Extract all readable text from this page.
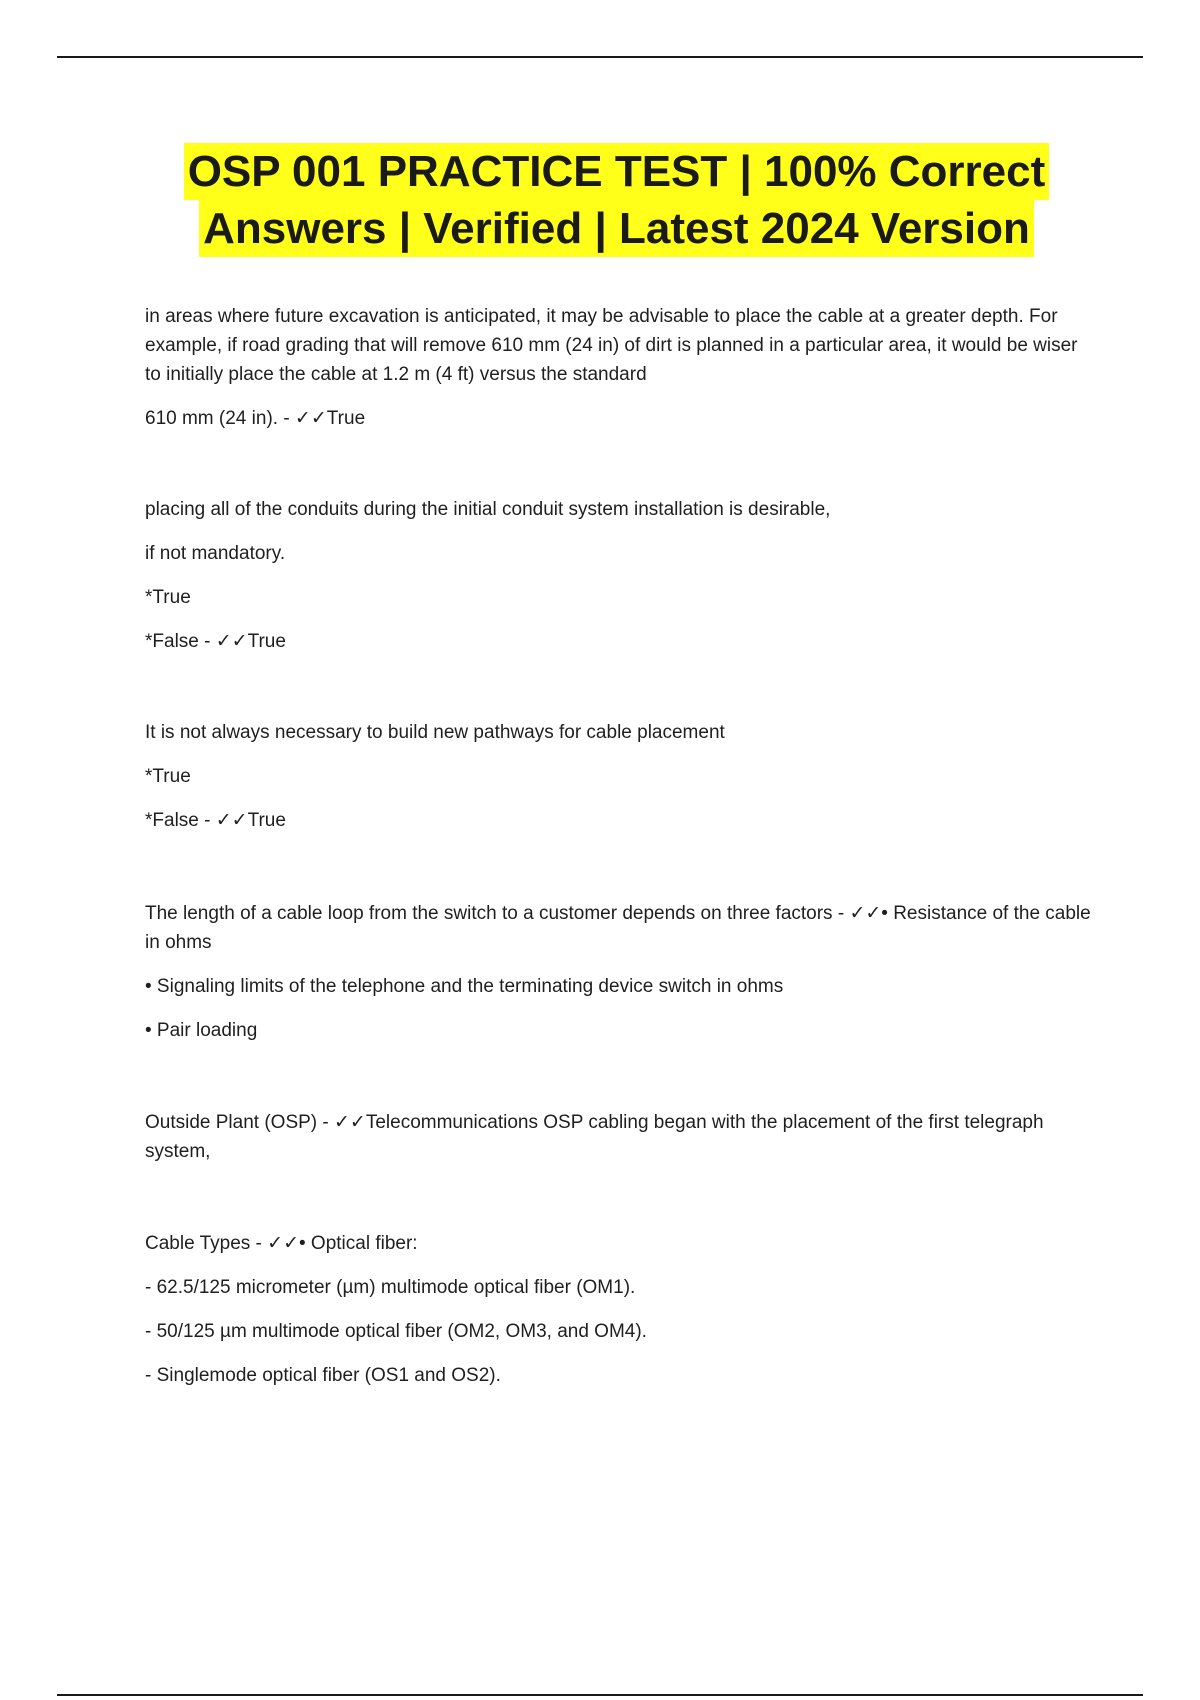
OSP 001 PRACTICE TEST | 100% Correct
Answers | Verified | Latest 2024 Version

in areas where future excavation is anticipated, it may be advisable to place the cable at a greater depth. For example, if road grading that will remove 610 mm (24 in) of dirt is planned in a particular area, it would be wiser to initially place the cable at 1.2 m (4 ft) versus the standard

610 mm (24 in). - ✓✓True

placing all of the conduits during the initial conduit system installation is desirable,

if not mandatory.

*True

*False - ✓✓True

It is not always necessary to build new pathways for cable placement

*True

*False - ✓✓True

The length of a cable loop from the switch to a customer depends on three factors - ✓✓• Resistance of the cable in ohms

• Signaling limits of the telephone and the terminating device switch in ohms

• Pair loading

Outside Plant (OSP) - ✓✓Telecommunications OSP cabling began with the placement of the first telegraph system,

Cable Types - ✓✓• Optical fiber:

- 62.5/125 micrometer (µm) multimode optical fiber (OM1).

- 50/125 µm multimode optical fiber (OM2, OM3, and OM4).

- Singlemode optical fiber (OS1 and OS2).
